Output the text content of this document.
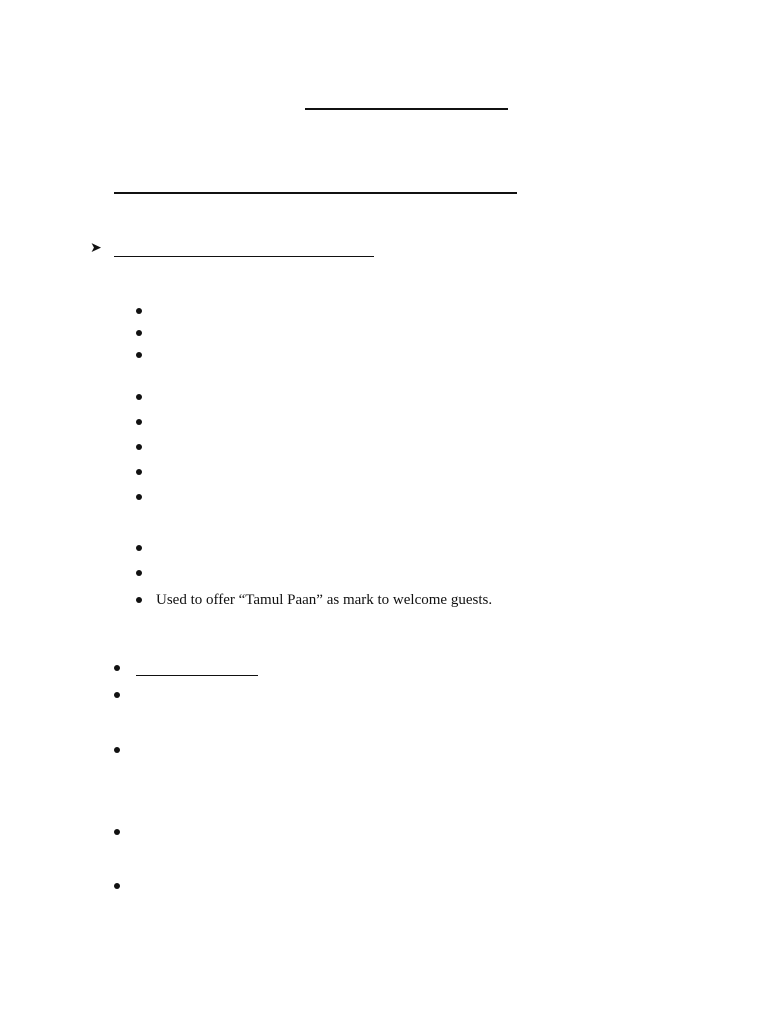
➤
Used to offer “Tamul Paan” as mark to welcome guests.
